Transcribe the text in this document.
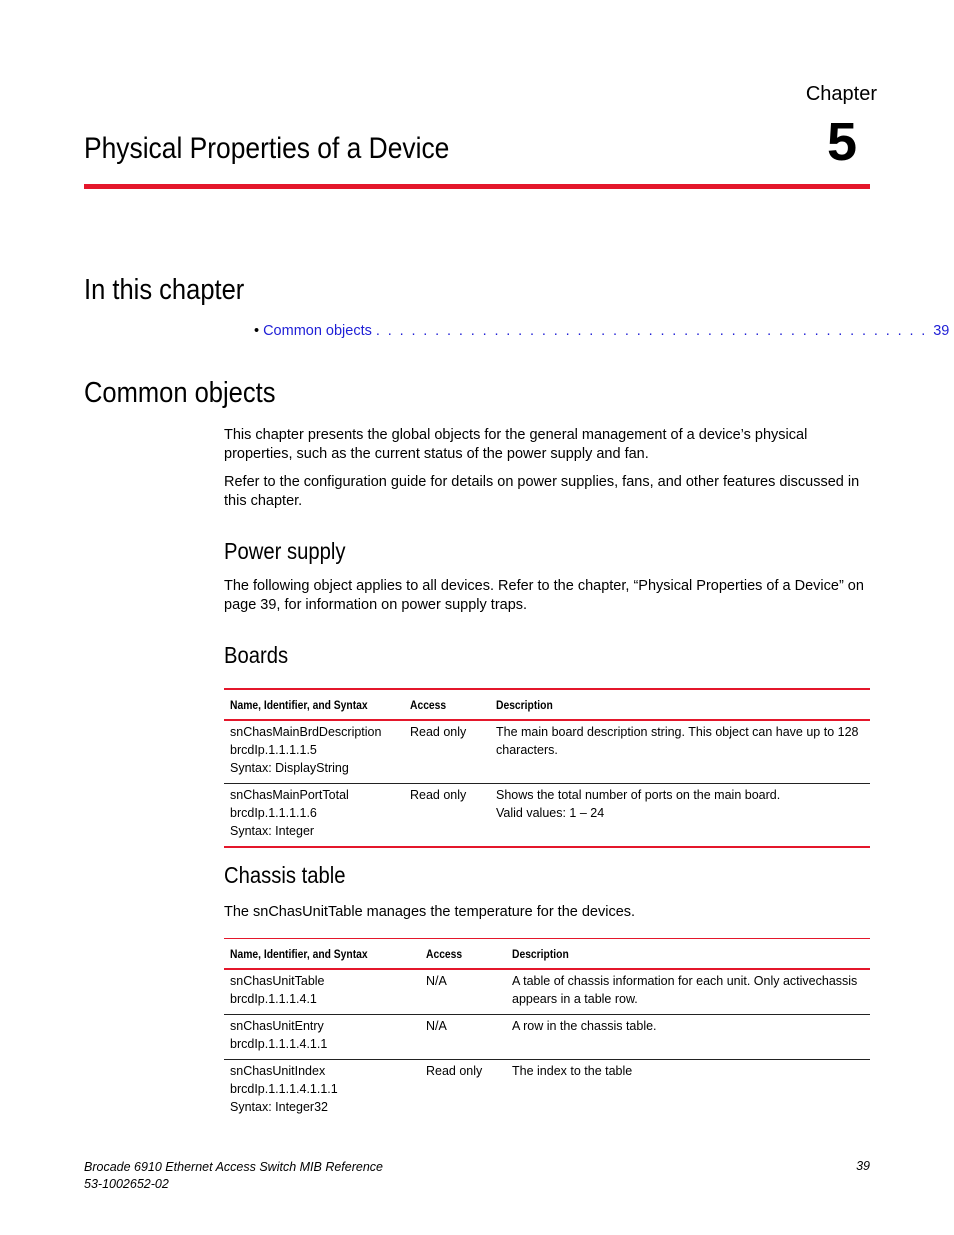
Chapter
5
Physical Properties of a Device
In this chapter
• Common objects . . . . . . . . . . . . . . . . . . . . . . . . . . . . . . . . . . . . . . . . . . . . . . . 39
Common objects
This chapter presents the global objects for the general management of a device’s physical properties, such as the current status of the power supply and fan.
Refer to the configuration guide for details on power supplies, fans, and other features discussed in this chapter.
Power supply
The following object applies to all devices. Refer to the chapter, “Physical Properties of a Device” on page 39, for information on power supply traps.
Boards
Name, Identifier, and Syntax	Access	Description

snChasMainBrdDescription
brcdIp.1.1.1.1.5
Syntax: DisplayString	Read only	The main board description string. This object can have up to 128 characters.

snChasMainPortTotal
brcdIp.1.1.1.1.6
Syntax: Integer	Read only	Shows the total number of ports on the main board.
Valid values: 1 – 24
Chassis table
The snChasUnitTable manages the temperature for the devices.
Name, Identifier, and Syntax	Access	Description

snChasUnitTable
brcdIp.1.1.1.4.1	N/A	A table of chassis information for each unit. Only activechassis appears in a table row.

snChasUnitEntry
brcdIp.1.1.1.4.1.1	N/A	A row in the chassis table.

snChasUnitIndex
brcdIp.1.1.1.4.1.1.1
Syntax: Integer32	Read only	The index to the table
Brocade 6910 Ethernet Access Switch MIB Reference
53-1002652-02
39
